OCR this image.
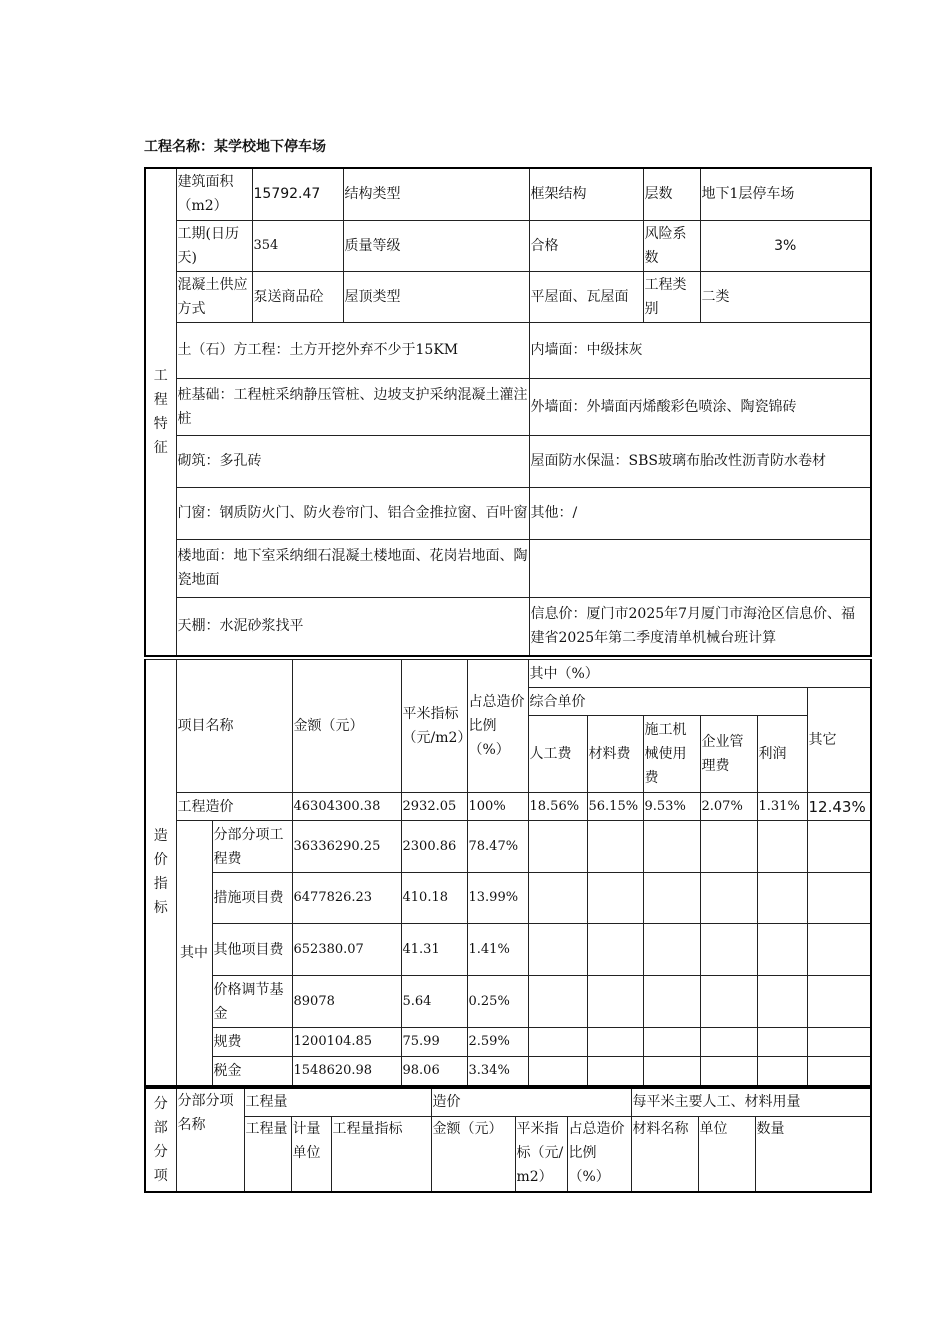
工程名称：某学校地下停车场
工
程
特
征	建筑面积（m2）	15792.47	结构类型	框架结构	层数	地下1层停车场
	工期(日历天)	354	质量等级	合格	风险系数	3%
	混凝土供应方式	泵送商品砼	屋顶类型	平屋面、瓦屋面	工程类别	二类
	土（石）方工程：土方开挖外弃不少于15KM			内墙面：中级抹灰		
	桩基础：工程桩采纳静压管桩、边坡支护采纳混凝土灌注桩			外墙面：外墙面丙烯酸彩色喷涂、陶瓷锦砖		
	砌筑：多孔砖			屋面防水保温：SBS玻璃布胎改性沥青防水卷材		
	门窗：钢质防火门、防火卷帘门、铝合金推拉窗、百叶窗			其他：/		
	楼地面：地下室采纳细石混凝土楼地面、花岗岩地面、陶瓷地面					
	天棚：水泥砂浆找平			信息价：厦门市2025年7月厦门市海沧区信息价、福建省2025年第二季度清单机械台班计算		
造
价
指
标	项目名称		金额（元）	平米指标（元/m2）	占总造价比例（%）	其中（%）					
						综合单价					其它
						人工费	材料费	施工机械使用费	企业管理费	利润	
	工程造价		46304300.38	2932.05	100%	18.56%	56.15%	9.53%	2.07%	1.31%	12.43%
	其中	分部分项工程费	36336290.25	2300.86	78.47%						
		措施项目费	6477826.23	410.18	13.99%						
		其他项目费	652380.07	41.31	1.41%						
		价格调节基金	89078	5.64	0.25%						
		规费	1200104.85	75.99	2.59%						
		税金	1548620.98	98.06	3.34%						
分
部
分
项	分部分项名称	工程量			造价			每平米主要人工、材料用量		
		工程量	计量单位	工程量指标	金额（元）	平米指标（元/m2）	占总造价比例（%）	材料名称	单位	数量
